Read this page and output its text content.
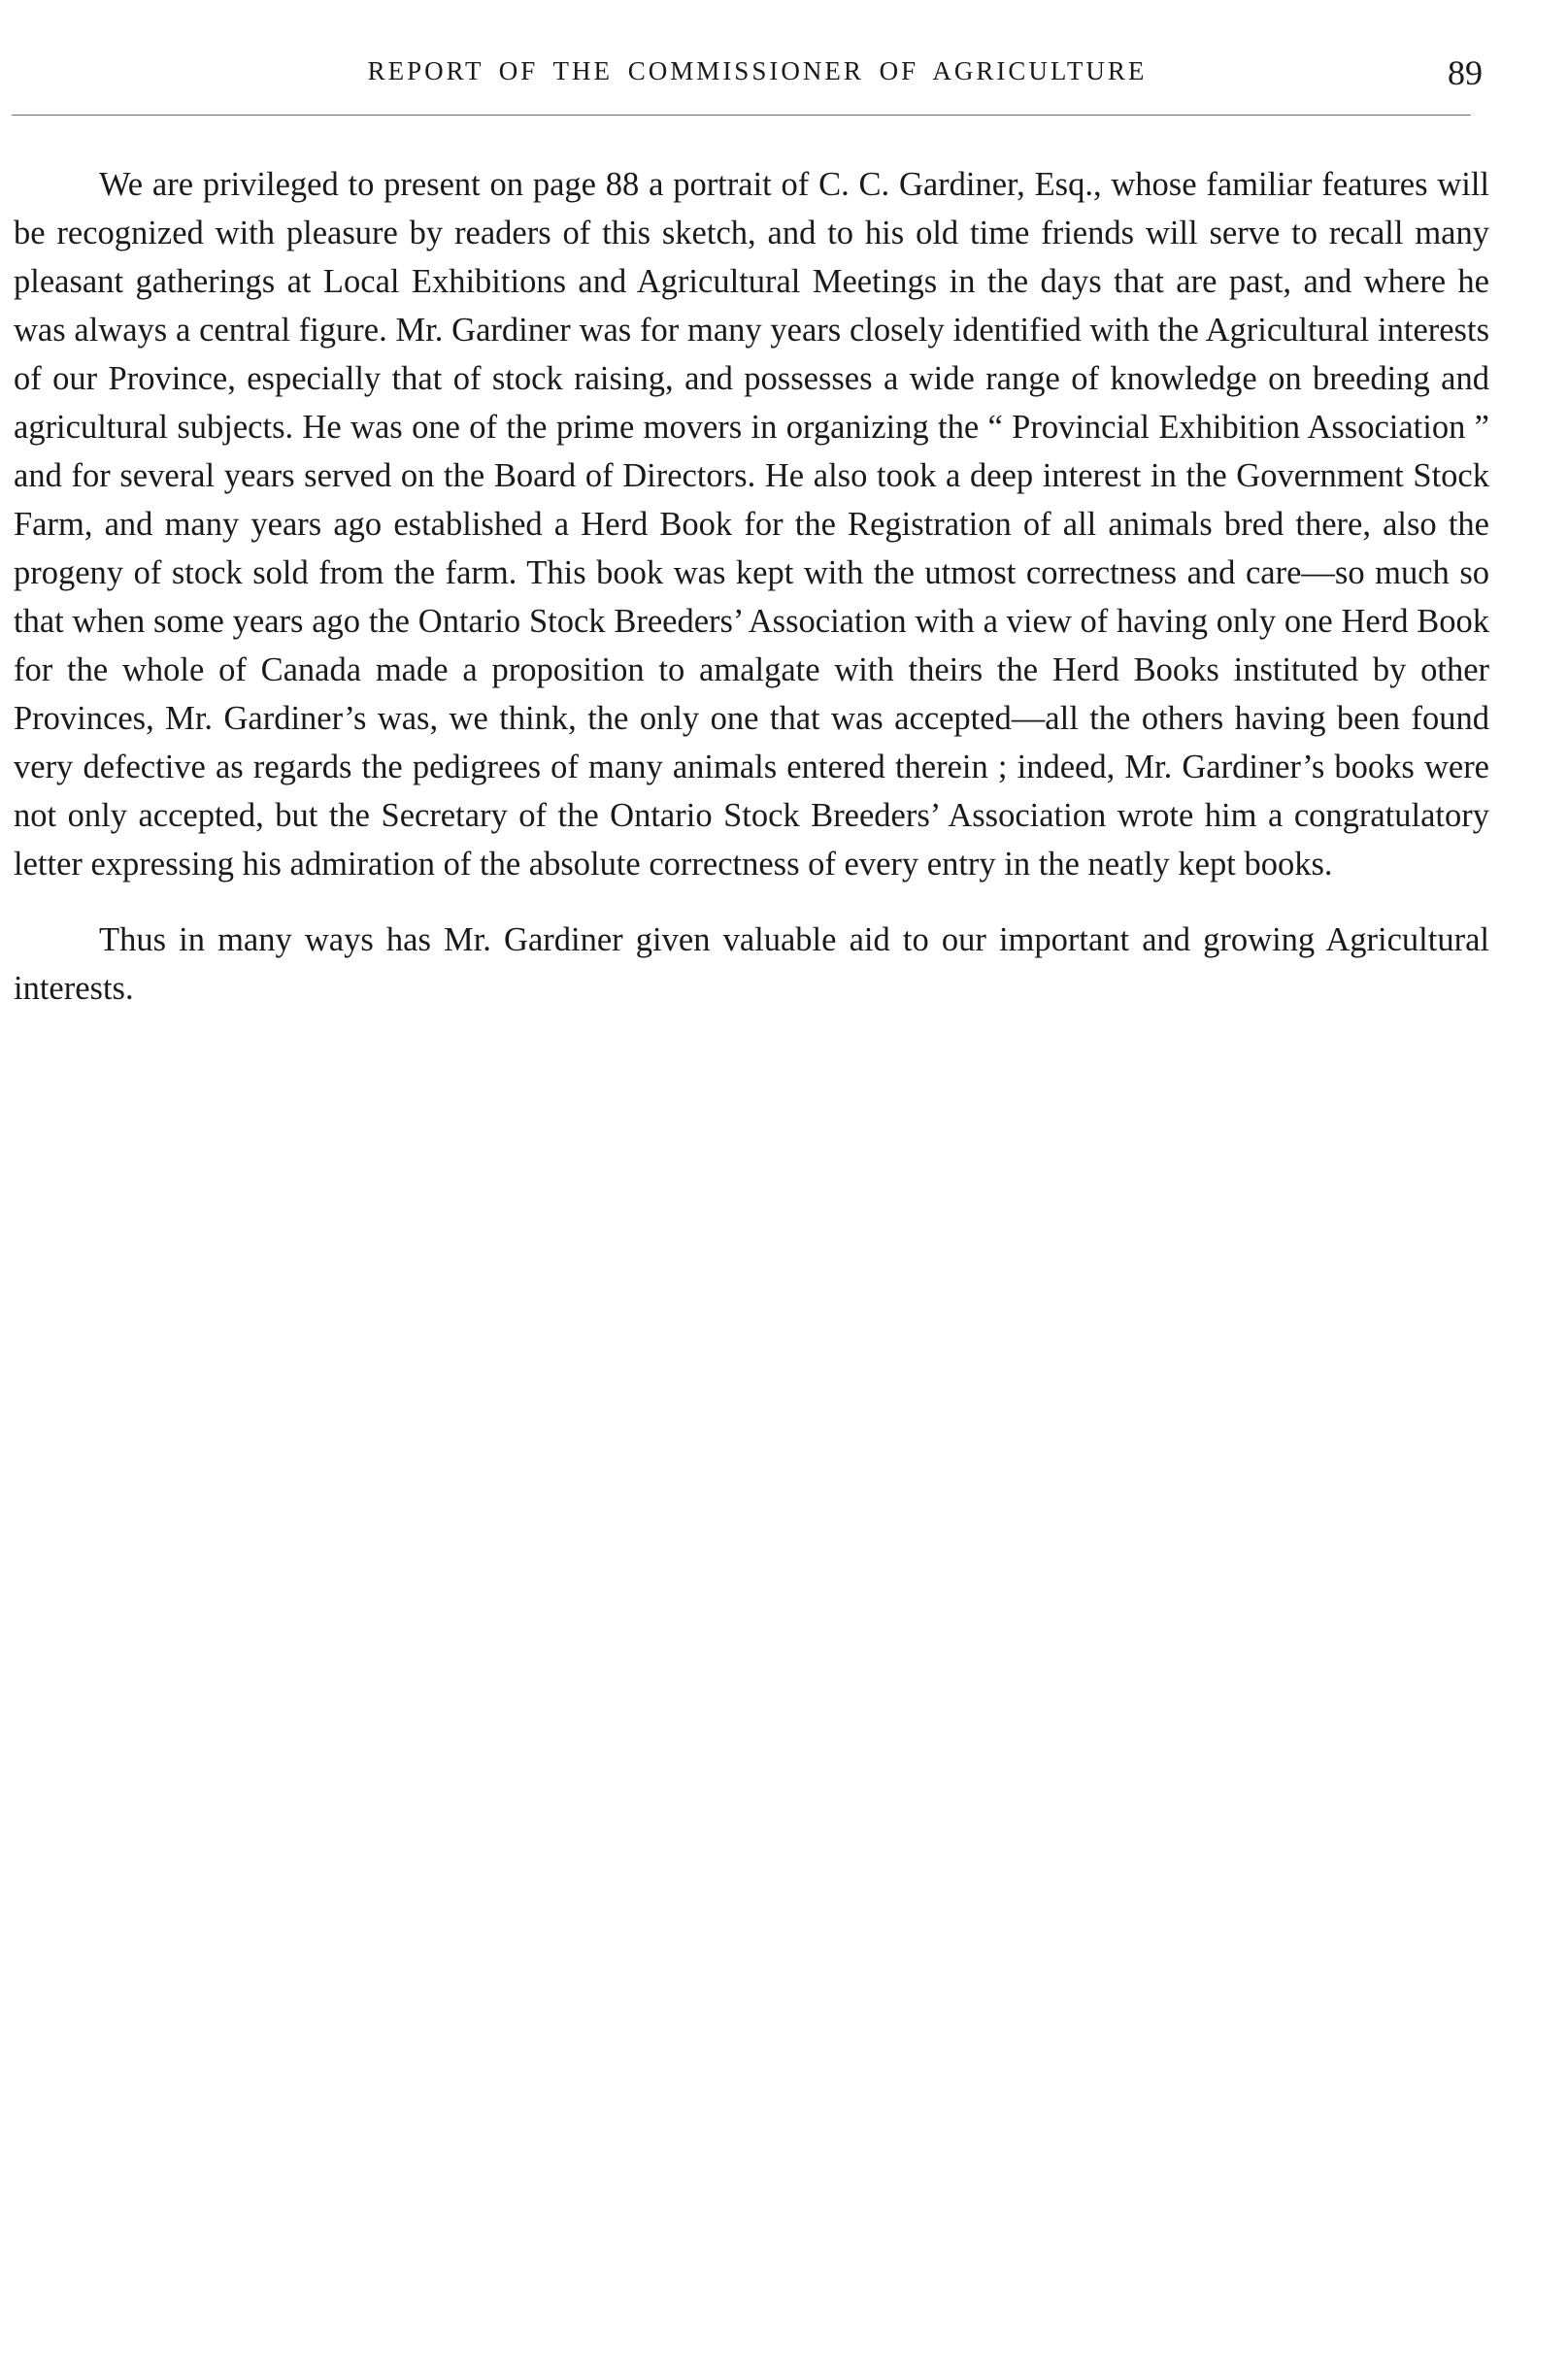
REPORT OF THE COMMISSIONER OF AGRICULTURE	89

We are privileged to present on page 88 a portrait of C. C. Gardiner, Esq., whose familiar features will be recognized with pleasure by readers of this sketch, and to his old time friends will serve to recall many pleasant gatherings at Local Exhibitions and Agricultural Meetings in the days that are past, and where he was always a central figure. Mr. Gardiner was for many years closely identified with the Agricultural interests of our Province, especially that of stock raising, and possesses a wide range of knowledge on breeding and agricultural subjects. He was one of the prime movers in organizing the “ Provincial Exhibition Association ” and for several years served on the Board of Directors. He also took a deep interest in the Government Stock Farm, and many years ago established a Herd Book for the Registration of all animals bred there, also the progeny of stock sold from the farm. This book was kept with the utmost correctness and care—so much so that when some years ago the Ontario Stock Breeders’ Association with a view of having only one Herd Book for the whole of Canada made a proposition to amalgate with theirs the Herd Books instituted by other Provinces, Mr. Gardiner’s was, we think, the only one that was accepted—all the others having been found very defective as regards the pedigrees of many animals entered therein ; indeed, Mr. Gardiner’s books were not only accepted, but the Secretary of the Ontario Stock Breeders’ Association wrote him a congratulatory letter expressing his admiration of the absolute correctness of every entry in the neatly kept books.

Thus in many ways has Mr. Gardiner given valuable aid to our important and growing Agricultural interests.
